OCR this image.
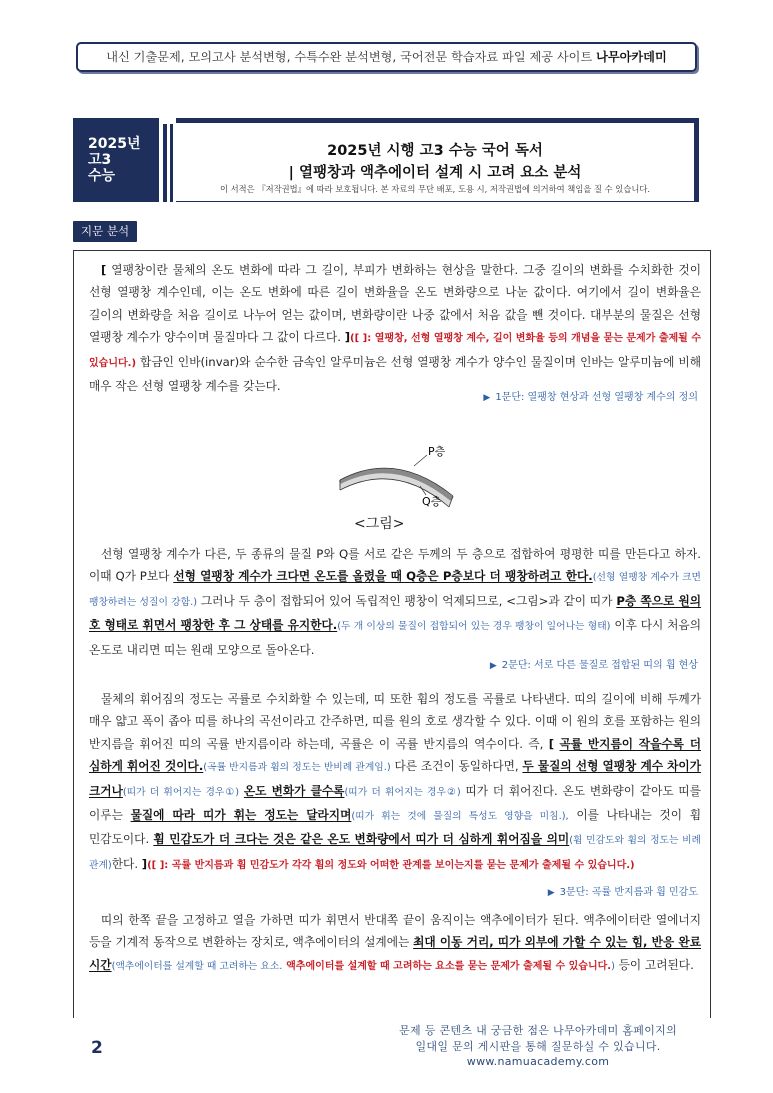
내신 기출문제, 모의고사 분석변형, 수특수완 분석변형, 국어전문 학습자료 파일 제공 사이트 나무아카데미
2025년
고3
수능
2025년 시행 고3 수능 국어 독서
| 열팽창과 액추에이터 설계 시 고려 요소 분석
이 서적은 『저작권법』에 따라 보호됩니다. 본 자료의 무단 배포, 도용 시, 저작권법에 의거하여 책임을 질 수 있습니다.
지문 분석
[ 열팽창이란 물체의 온도 변화에 따라 그 길이, 부피가 변화하는 현상을 말한다. 그중 길이의 변화를 수치화한 것이 선형 열팽창 계수인데, 이는 온도 변화에 따른 길이 변화율을 온도 변화량으로 나눈 값이다. 여기에서 길이 변화율은 길이의 변화량을 처음 길이로 나누어 얻는 값이며, 변화량이란 나중 값에서 처음 값을 뺀 것이다. 대부분의 물질은 선형 열팽창 계수가 양수이며 물질마다 그 값이 다르다. ]([ ]: 열팽창, 선형 열팽창 계수, 길이 변화율 등의 개념을 묻는 문제가 출제될 수 있습니다.) 합금인 인바(invar)와 순수한 금속인 알루미늄은 선형 열팽창 계수가 양수인 물질이며 인바는 알루미늄에 비해 매우 작은 선형 열팽창 계수를 갖는다.
▶ 1문단: 열팽창 현상과 선형 열팽창 계수의 정의
P층
Q층
<그림>
선형 열팽창 계수가 다른, 두 종류의 물질 P와 Q를 서로 같은 두께의 두 층으로 접합하여 평평한 띠를 만든다고 하자. 이때 Q가 P보다 선형 열팽창 계수가 크다면 온도를 올렸을 때 Q층은 P층보다 더 팽창하려고 한다.(선형 열팽창 계수가 크면 팽창하려는 성질이 강함.) 그러나 두 층이 접합되어 있어 독립적인 팽창이 억제되므로, <그림>과 같이 띠가 P층 쪽으로 원의 호 형태로 휘면서 팽창한 후 그 상태를 유지한다.(두 개 이상의 물질이 접합되어 있는 경우 팽창이 일어나는 형태) 이후 다시 처음의 온도로 내리면 띠는 원래 모양으로 돌아온다.
▶ 2문단: 서로 다른 물질로 접합된 띠의 휨 현상
물체의 휘어짐의 정도는 곡률로 수치화할 수 있는데, 띠 또한 휨의 정도를 곡률로 나타낸다. 띠의 길이에 비해 두께가 매우 얇고 폭이 좁아 띠를 하나의 곡선이라고 간주하면, 띠를 원의 호로 생각할 수 있다. 이때 이 원의 호를 포함하는 원의 반지름을 휘어진 띠의 곡률 반지름이라 하는데, 곡률은 이 곡률 반지름의 역수이다. 즉, [ 곡률 반지름이 작을수록 더 심하게 휘어진 것이다.(곡률 반지름과 휨의 정도는 반비례 관계임.) 다른 조건이 동일하다면, 두 물질의 선형 열팽창 계수 차이가 크거나(띠가 더 휘어지는 경우①) 온도 변화가 클수록(띠가 더 휘어지는 경우②) 띠가 더 휘어진다. 온도 변화량이 같아도 띠를 이루는 물질에 따라 띠가 휘는 정도는 달라지며(띠가 휘는 것에 물질의 특성도 영향을 미침.), 이를 나타내는 것이 휨 민감도이다. 휨 민감도가 더 크다는 것은 같은 온도 변화량에서 띠가 더 심하게 휘어짐을 의미(휨 민감도와 휨의 정도는 비례 관계)한다. ]([ ]: 곡률 반지름과 휨 민감도가 각각 휨의 정도와 어떠한 관계를 보이는지를 묻는 문제가 출제될 수 있습니다.)
▶ 3문단: 곡률 반지름과 휨 민감도
띠의 한쪽 끝을 고정하고 열을 가하면 띠가 휘면서 반대쪽 끝이 움직이는 액추에이터가 된다. 액추에이터란 열에너지 등을 기계적 동작으로 변환하는 장치로, 액추에이터의 설계에는 최대 이동 거리, 띠가 외부에 가할 수 있는 힘, 반응 완료 시간(액추에이터를 설계할 때 고려하는 요소. 액추에이터를 설계할 때 고려하는 요소를 묻는 문제가 출제될 수 있습니다.) 등이 고려된다.
2
문제 등 콘텐츠 내 궁금한 점은 나무아카데미 홈페이지의
일대일 문의 게시판을 통해 질문하실 수 있습니다.
www.namuacademy.com
